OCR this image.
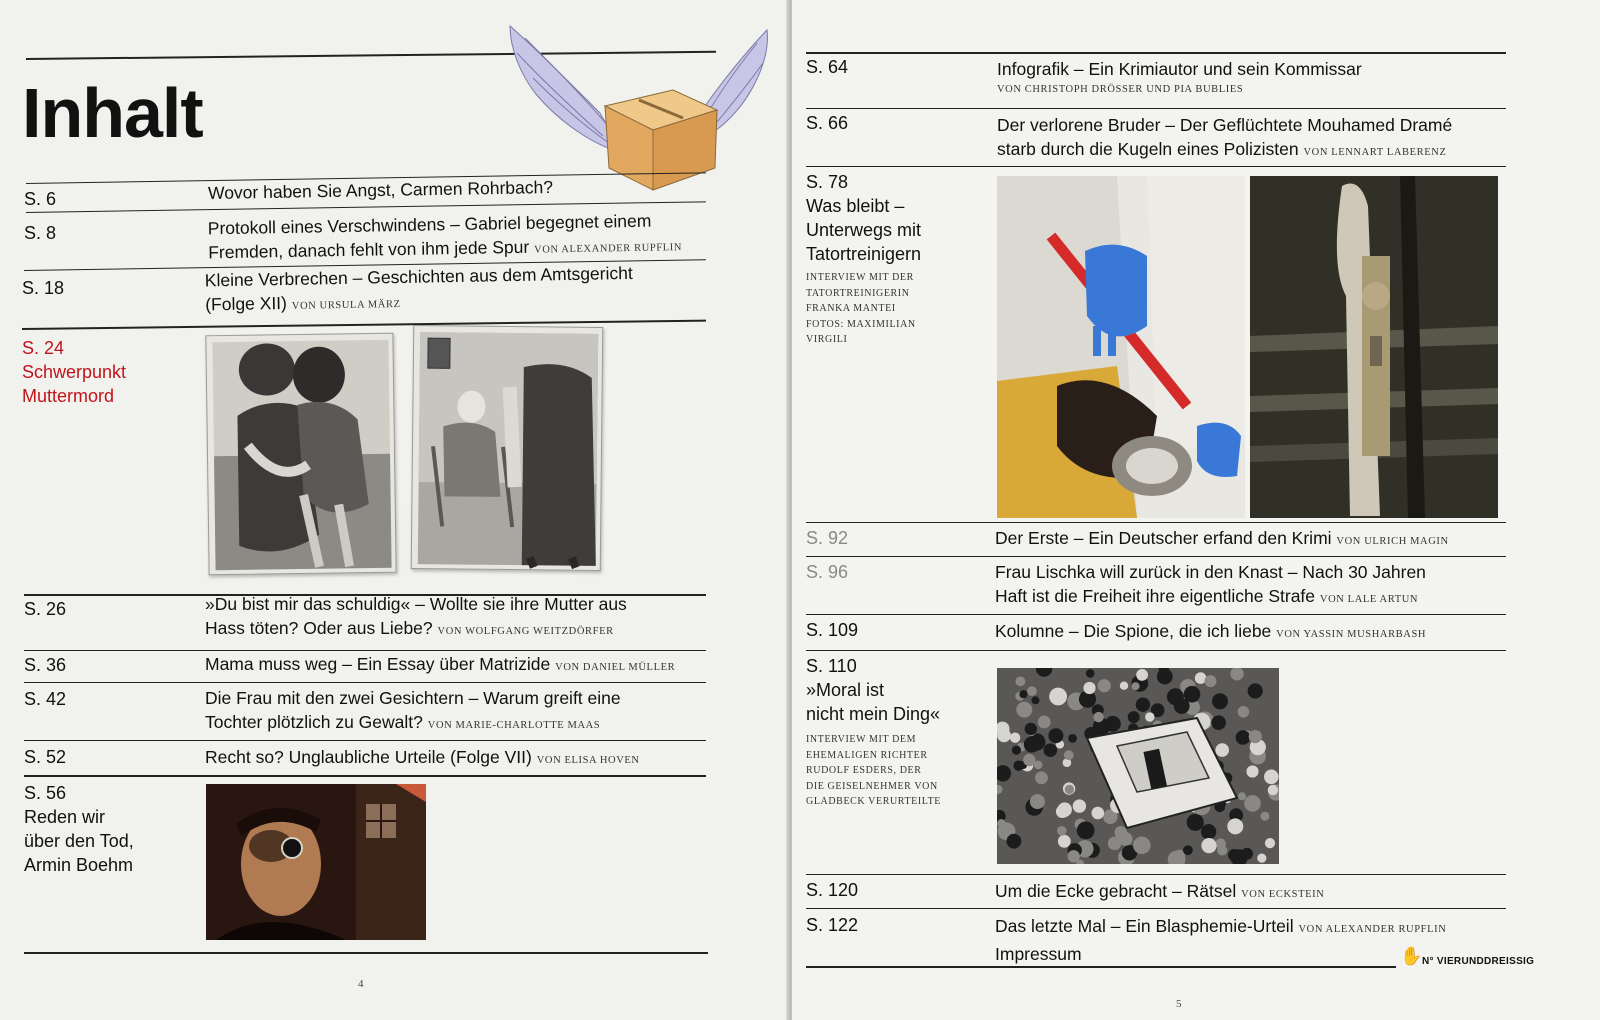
Inhalt
S. 6	Wovor haben Sie Angst, Carmen Rohrbach?
S. 8	Protokoll eines Verschwindens – Gabriel begegnet einem
Fremden, danach fehlt von ihm jede Spur VON ALEXANDER RUPFLIN
S. 18	Kleine Verbrechen – Geschichten aus dem Amtsgericht
(Folge XII) VON URSULA MÄRZ
S. 24
Schwerpunkt
Muttermord
S. 26	»Du bist mir das schuldig« – Wollte sie ihre Mutter aus
Hass töten? Oder aus Liebe? VON WOLFGANG WEITZDÖRFER
S. 36	Mama muss weg – Ein Essay über Matrizide VON DANIEL MÜLLER
S. 42	Die Frau mit den zwei Gesichtern – Warum greift eine
Tochter plötzlich zu Gewalt? VON MARIE-CHARLOTTE MAAS
S. 52	Recht so? Unglaubliche Urteile (Folge VII) VON ELISA HOVEN
S. 56
Reden wir
über den Tod,
Armin Boehm
4
S. 64	Infografik – Ein Krimiautor und sein Kommissar
VON CHRISTOPH DRÖSSER UND PIA BUBLIES
S. 66	Der verlorene Bruder – Der Geflüchtete Mouhamed Dramé
starb durch die Kugeln eines Polizisten VON LENNART LABERENZ
S. 78
Was bleibt –
Unterwegs mit
Tatortreinigern
INTERVIEW MIT DER
TATORTREINIGERIN
FRANKA MANTEI
FOTOS: MAXIMILIAN
VIRGILI
S. 92	Der Erste – Ein Deutscher erfand den Krimi VON ULRICH MAGIN
S. 96	Frau Lischka will zurück in den Knast – Nach 30 Jahren
Haft ist die Freiheit ihre eigentliche Strafe VON LALE ARTUN
S. 109	Kolumne – Die Spione, die ich liebe VON YASSIN MUSHARBASH
S. 110
»Moral ist
nicht mein Ding«
INTERVIEW MIT DEM
EHEMALIGEN RICHTER
RUDOLF ESDERS, DER
DIE GEISELNEHMER VON
GLADBECK VERURTEILTE
S. 120	Um die Ecke gebracht – Rätsel VON ECKSTEIN
S. 122	Das letzte Mal – Ein Blasphemie-Urteil VON ALEXANDER RUPFLIN
Impressum	✋ N° VIERUNDDREISSIG
5
